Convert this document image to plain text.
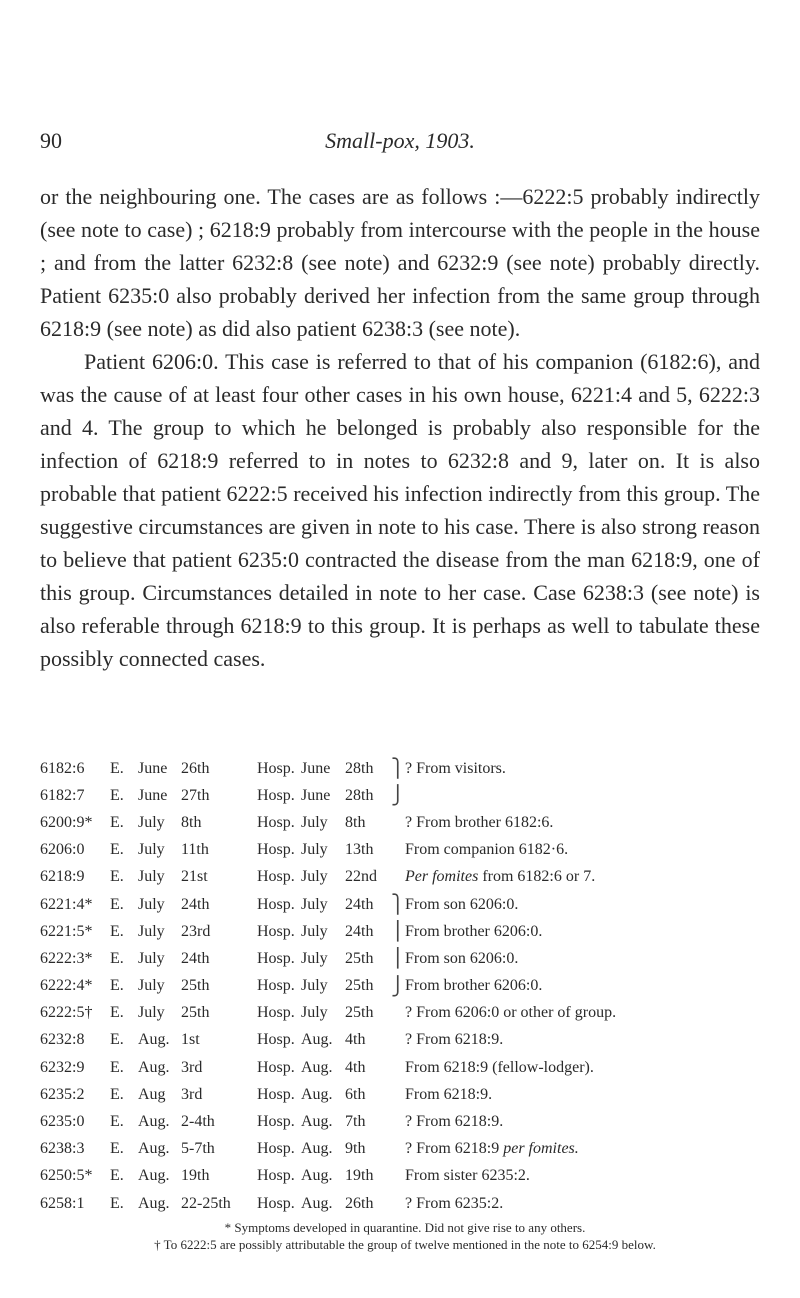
90	Small-pox, 1903.

or the neighbouring one. The cases are as follows :—6222:5 probably indirectly (see note to case) ; 6218:9 probably from intercourse with the people in the house ; and from the latter 6232:8 (see note) and 6232:9 (see note) probably directly. Patient 6235:0 also probably derived her infection from the same group through 6218:9 (see note) as did also patient 6238:3 (see note).

Patient 6206:0. This case is referred to that of his companion (6182:6), and was the cause of at least four other cases in his own house, 6221:4 and 5, 6222:3 and 4. The group to which he belonged is probably also responsible for the infection of 6218:9 referred to in notes to 6232:8 and 9, later on. It is also probable that patient 6222:5 received his infection indirectly from this group. The suggestive circumstances are given in note to his case. There is also strong reason to believe that patient 6235:0 contracted the disease from the man 6218:9, one of this group. Circumstances detailed in note to her case. Case 6238:3 (see note) is also referable through 6218:9 to this group. It is perhaps as well to tabulate these possibly connected cases.

6182:6	E.	June	26th	Hosp.	June	28th	⎫	? From visitors.
6182:7	E.	June	27th	Hosp.	June	28th	⎭	
6200:9*	E.	July	8th	Hosp.	July	8th		? From brother 6182:6.
6206:0	E.	July	11th	Hosp.	July	13th		From companion 6182·6.
6218:9	E.	July	21st	Hosp.	July	22nd		Per fomites from 6182:6 or 7.
6221:4*	E.	July	24th	Hosp.	July	24th	⎫	From son 6206:0.
6221:5*	E.	July	23rd	Hosp.	July	24th	⎪	From brother 6206:0.
6222:3*	E.	July	24th	Hosp.	July	25th	⎪	From son 6206:0.
6222:4*	E.	July	25th	Hosp.	July	25th	⎭	From brother 6206:0.
6222:5†	E.	July	25th	Hosp.	July	25th		? From 6206:0 or other of group.
6232:8	E.	Aug.	1st	Hosp.	Aug.	4th		? From 6218:9.
6232:9	E.	Aug.	3rd	Hosp.	Aug.	4th		From 6218:9 (fellow-lodger).
6235:2	E.	Aug	3rd	Hosp.	Aug.	6th		From 6218:9.
6235:0	E.	Aug.	2-4th	Hosp.	Aug.	7th		? From 6218:9.
6238:3	E.	Aug.	5-7th	Hosp.	Aug.	9th		? From 6218:9 per fomites.
6250:5*	E.	Aug.	19th	Hosp.	Aug.	19th		From sister 6235:2.
6258:1	E.	Aug.	22-25th	Hosp.	Aug.	26th		? From 6235:2.

* Symptoms developed in quarantine. Did not give rise to any others.

† To 6222:5 are possibly attributable the group of twelve mentioned in the note to 6254:9 below.
